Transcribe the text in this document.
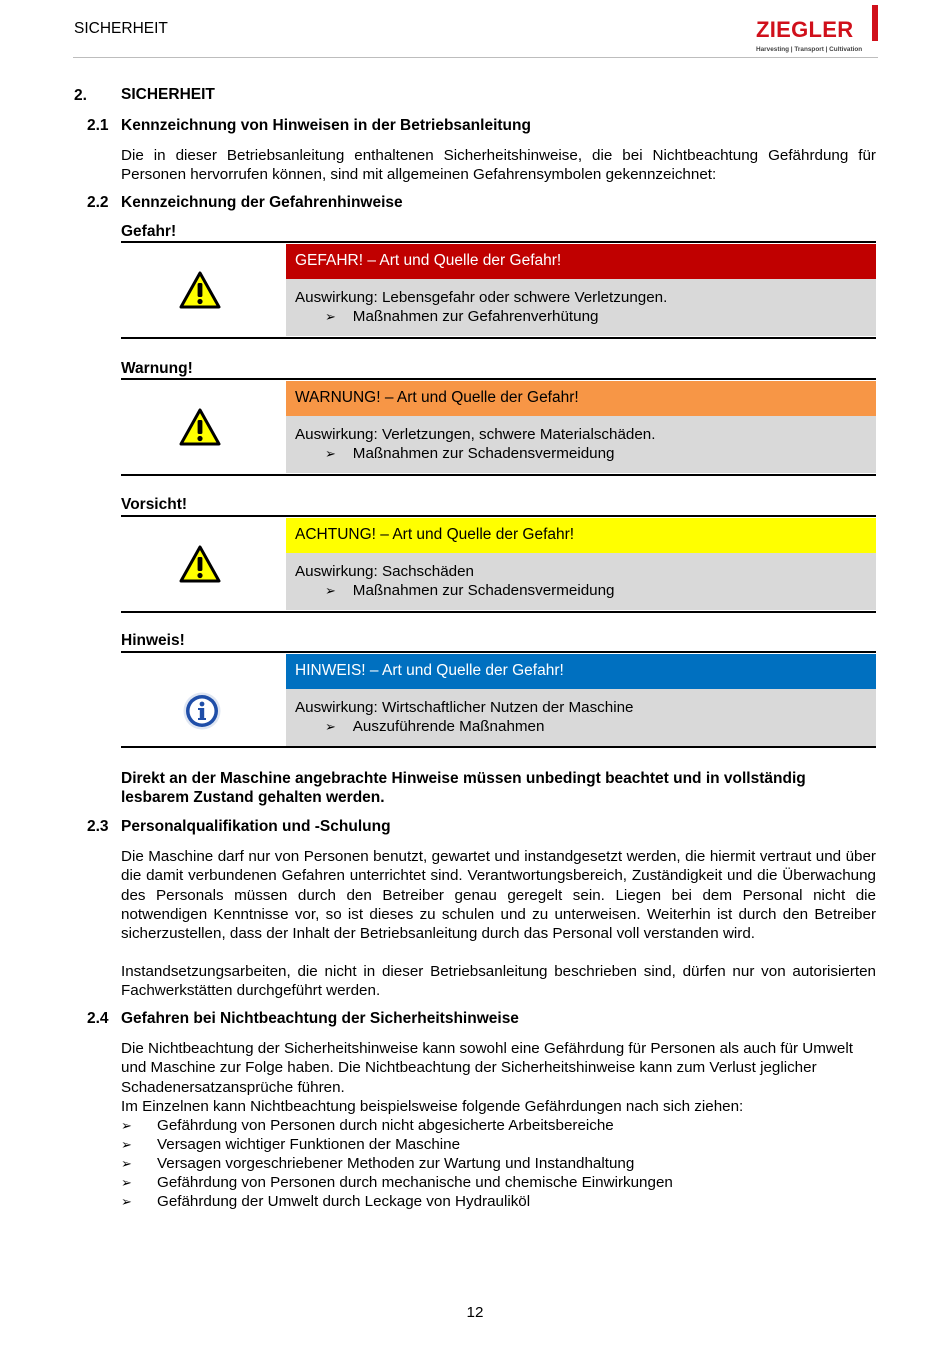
SICHERHEIT	ZIEGLER
Harvesting | Transport | Cultivation
2. SICHERHEIT
2.1 Kennzeichnung von Hinweisen in der Betriebsanleitung
Die in dieser Betriebsanleitung enthaltenen Sicherheitshinweise, die bei Nichtbeachtung Gefährdung für Personen hervorrufen können, sind mit allgemeinen Gefahrensymbolen gekennzeichnet:
2.2 Kennzeichnung der Gefahrenhinweise
Gefahr!
GEFAHR! – Art und Quelle der Gefahr!
Auswirkung: Lebensgefahr oder schwere Verletzungen.
➢ Maßnahmen zur Gefahrenverhütung
Warnung!
WARNUNG! – Art und Quelle der Gefahr!
Auswirkung: Verletzungen, schwere Materialschäden.
➢ Maßnahmen zur Schadensvermeidung
Vorsicht!
ACHTUNG! – Art und Quelle der Gefahr!
Auswirkung: Sachschäden
➢ Maßnahmen zur Schadensvermeidung
Hinweis!
HINWEIS! – Art und Quelle der Gefahr!
Auswirkung: Wirtschaftlicher Nutzen der Maschine
➢ Auszuführende Maßnahmen
Direkt an der Maschine angebrachte Hinweise müssen unbedingt beachtet und in vollständig lesbarem Zustand gehalten werden.
2.3 Personalqualifikation und -Schulung
Die Maschine darf nur von Personen benutzt, gewartet und instandgesetzt werden, die hiermit vertraut und über die damit verbundenen Gefahren unterrichtet sind. Verantwortungsbereich, Zuständigkeit und die Überwachung des Personals müssen durch den Betreiber genau geregelt sein. Liegen bei dem Personal nicht die notwendigen Kenntnisse vor, so ist dieses zu schulen und zu unterweisen. Weiterhin ist durch den Betreiber sicherzustellen, dass der Inhalt der Betriebsanleitung durch das Personal voll verstanden wird.
Instandsetzungsarbeiten, die nicht in dieser Betriebsanleitung beschrieben sind, dürfen nur von autorisierten Fachwerkstätten durchgeführt werden.
2.4 Gefahren bei Nichtbeachtung der Sicherheitshinweise
Die Nichtbeachtung der Sicherheitshinweise kann sowohl eine Gefährdung für Personen als auch für Umwelt und Maschine zur Folge haben. Die Nichtbeachtung der Sicherheitshinweise kann zum Verlust jeglicher Schadenersatzansprüche führen.
Im Einzelnen kann Nichtbeachtung beispielsweise folgende Gefährdungen nach sich ziehen:
➢ Gefährdung von Personen durch nicht abgesicherte Arbeitsbereiche
➢ Versagen wichtiger Funktionen der Maschine
➢ Versagen vorgeschriebener Methoden zur Wartung und Instandhaltung
➢ Gefährdung von Personen durch mechanische und chemische Einwirkungen
➢ Gefährdung der Umwelt durch Leckage von Hydrauliköl
12
